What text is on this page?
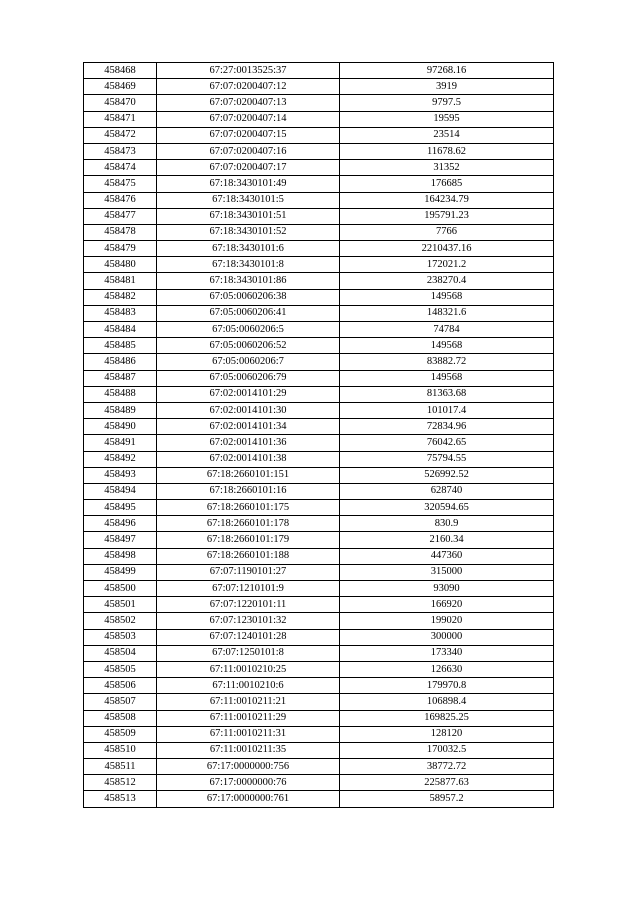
458468	67:27:0013525:37	97268.16
458469	67:07:0200407:12	3919
458470	67:07:0200407:13	9797.5
458471	67:07:0200407:14	19595
458472	67:07:0200407:15	23514
458473	67:07:0200407:16	11678.62
458474	67:07:0200407:17	31352
458475	67:18:3430101:49	176685
458476	67:18:3430101:5	164234.79
458477	67:18:3430101:51	195791.23
458478	67:18:3430101:52	7766
458479	67:18:3430101:6	2210437.16
458480	67:18:3430101:8	172021.2
458481	67:18:3430101:86	238270.4
458482	67:05:0060206:38	149568
458483	67:05:0060206:41	148321.6
458484	67:05:0060206:5	74784
458485	67:05:0060206:52	149568
458486	67:05:0060206:7	83882.72
458487	67:05:0060206:79	149568
458488	67:02:0014101:29	81363.68
458489	67:02:0014101:30	101017.4
458490	67:02:0014101:34	72834.96
458491	67:02:0014101:36	76042.65
458492	67:02:0014101:38	75794.55
458493	67:18:2660101:151	526992.52
458494	67:18:2660101:16	628740
458495	67:18:2660101:175	320594.65
458496	67:18:2660101:178	830.9
458497	67:18:2660101:179	2160.34
458498	67:18:2660101:188	447360
458499	67:07:1190101:27	315000
458500	67:07:1210101:9	93090
458501	67:07:1220101:11	166920
458502	67:07:1230101:32	199020
458503	67:07:1240101:28	300000
458504	67:07:1250101:8	173340
458505	67:11:0010210:25	126630
458506	67:11:0010210:6	179970.8
458507	67:11:0010211:21	106898.4
458508	67:11:0010211:29	169825.25
458509	67:11:0010211:31	128120
458510	67:11:0010211:35	170032.5
458511	67:17:0000000:756	38772.72
458512	67:17:0000000:76	225877.63
458513	67:17:0000000:761	58957.2
